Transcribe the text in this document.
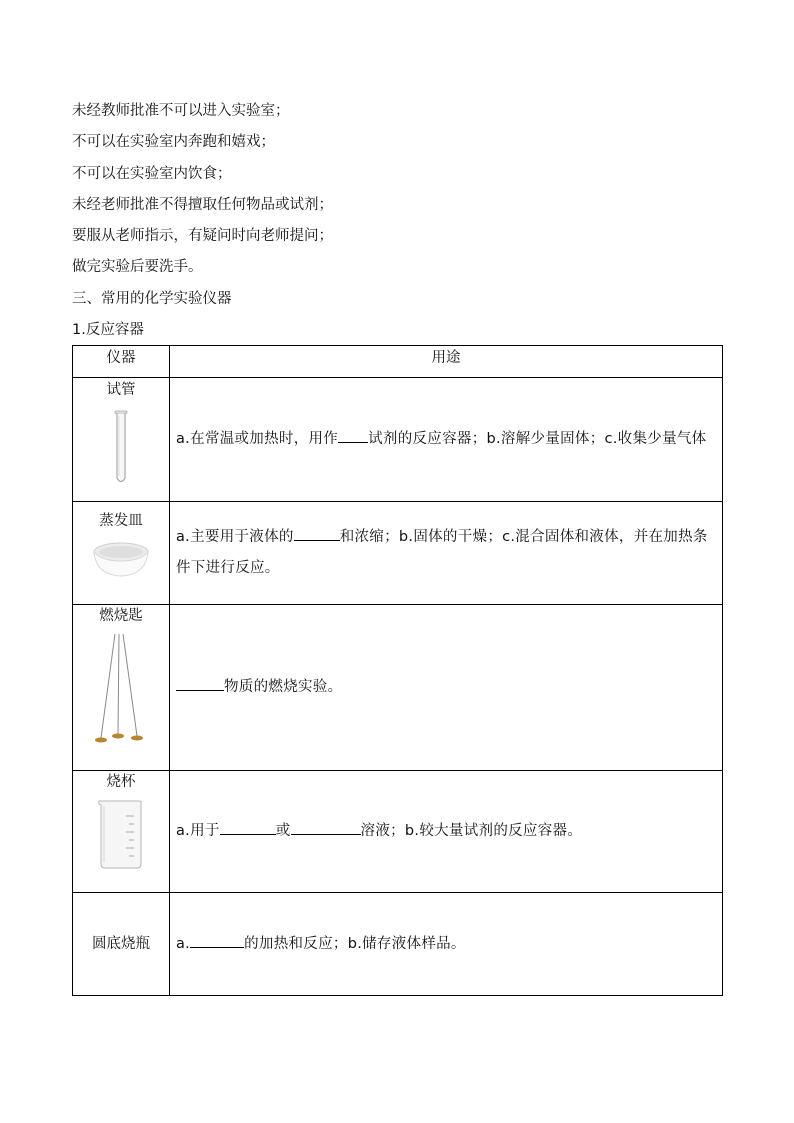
未经教师批准不可以进入实验室；

不可以在实验室内奔跑和嬉戏；

不可以在实验室内饮食；

未经老师批准不得擅取任何物品或试剂；

要服从老师指示，有疑问时向老师提问；

做完实验后要洗手。

三、常用的化学实验仪器
1.反应容器
仪器	用途

试管	a.在常温或加热时，用作 试剂的反应容器；b.溶解少量固体；c.收集少量气体

蒸发皿	a.主要用于液体的 和浓缩；b.固体的干燥；c.混合固体和液体，并在加热条件下进行反应。

燃烧匙	物质的燃烧实验。

烧杯	a.用于 或 溶液；b.较大量试剂的反应容器。

圆底烧瓶	a. 的加热和反应；b.储存液体样品。
